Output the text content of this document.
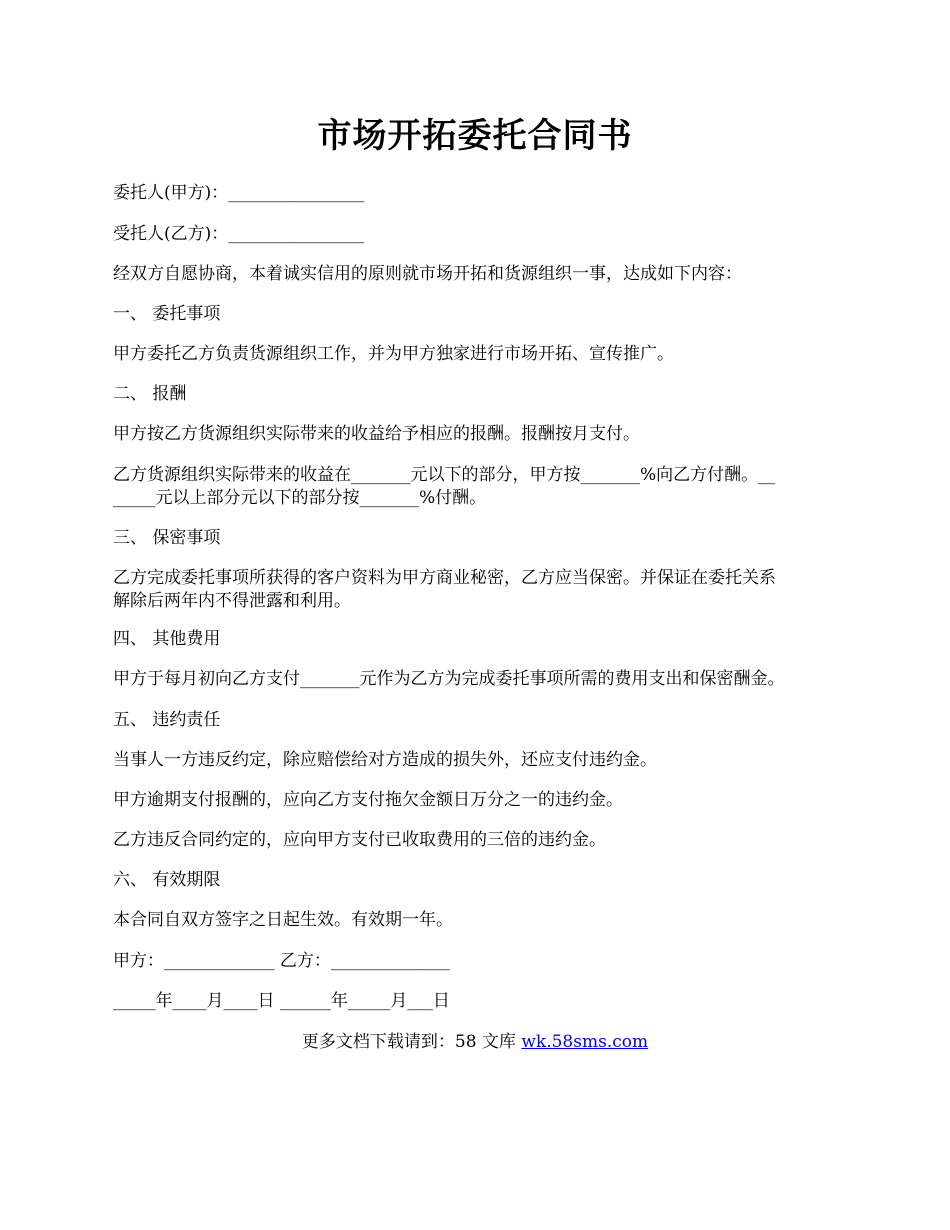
市场开拓委托合同书
委托人(甲方)：________________
受托人(乙方)：________________
经双方自愿协商，本着诚实信用的原则就市场开拓和货源组织一事，达成如下内容：
一、 委托事项
甲方委托乙方负责货源组织工作，并为甲方独家进行市场开拓、宣传推广。
二、 报酬
甲方按乙方货源组织实际带来的收益给予相应的报酬。报酬按月支付。
乙方货源组织实际带来的收益在_______元以下的部分，甲方按_______%向乙方付酬。__
_____元以上部分元以下的部分按_______%付酬。
三、 保密事项
乙方完成委托事项所获得的客户资料为甲方商业秘密，乙方应当保密。并保证在委托关系
解除后两年内不得泄露和利用。
四、 其他费用
甲方于每月初向乙方支付_______元作为乙方为完成委托事项所需的费用支出和保密酬金。
五、 违约责任
当事人一方违反约定，除应赔偿给对方造成的损失外，还应支付违约金。
甲方逾期支付报酬的，应向乙方支付拖欠金额日万分之一的违约金。
乙方违反合同约定的，应向甲方支付已收取费用的三倍的违约金。
六、 有效期限
本合同自双方签字之日起生效。有效期一年。
甲方：_____________ 乙方：______________
_____年____月____日 ______年_____月___日
更多文档下载请到：58 文库 wk.58sms.com
